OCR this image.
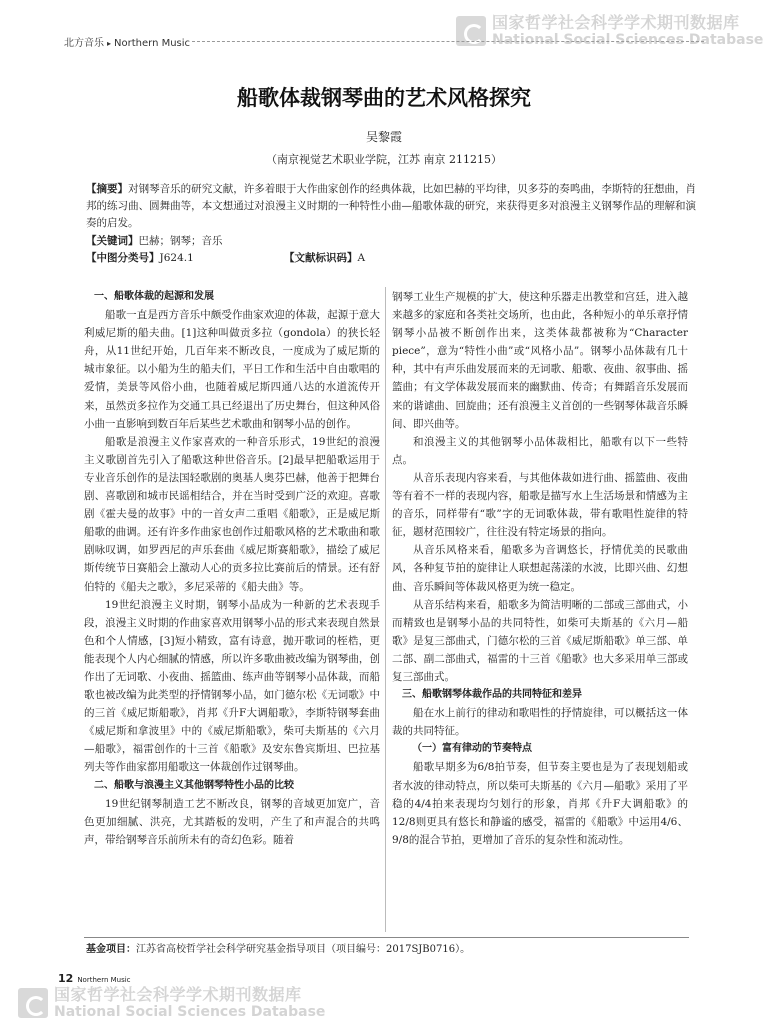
国家哲学社会科学学术期刊数据库
National Social Sciences Database
北方音乐 ▸ Northern Music
船歌体裁钢琴曲的艺术风格探究
吴黎霞
（南京视觉艺术职业学院，江苏 南京 211215）
【摘要】对钢琴音乐的研究文献，许多着眼于大作曲家创作的经典体裁，比如巴赫的平均律，贝多芬的奏鸣曲，李斯特的狂想曲，肖邦的练习曲、圆舞曲等，本文想通过对浪漫主义时期的一种特性小曲—船歌体裁的研究，来获得更多对浪漫主义钢琴作品的理解和演奏的启发。
【关键词】巴赫；钢琴；音乐
【中图分类号】J624.1	【文献标识码】A
一、船歌体裁的起源和发展

船歌一直是西方音乐中颇受作曲家欢迎的体裁，起源于意大利威尼斯的船夫曲。[1]这种叫做贡多拉（gondola）的狭长轻舟，从11世纪开始，几百年来不断改良，一度成为了威尼斯的城市象征。以小船为生的船夫们，平日工作和生活中自由歌唱的爱情，美景等风俗小曲，也随着威尼斯四通八达的水道流传开来，虽然贡多拉作为交通工具已经退出了历史舞台，但这种风俗小曲一直影响到数百年后某些艺术歌曲和钢琴小品的创作。

船歌是浪漫主义作家喜欢的一种音乐形式，19世纪的浪漫主义歌剧首先引入了船歌这种世俗音乐。[2]最早把船歌运用于专业音乐创作的是法国轻歌剧的奥基人奥芬巴赫，他善于把舞台剧、喜歌剧和城市民谣相结合，并在当时受到广泛的欢迎。喜歌剧《霍夫曼的故事》中的一首女声二重唱《船歌》，正是威尼斯船歌的曲调。还有许多作曲家也创作过船歌风格的艺术歌曲和歌剧咏叹调，如罗西尼的声乐套曲《威尼斯赛船歌》，描绘了威尼斯传统节日赛船会上激动人心的贡多拉比赛前后的情景。还有舒伯特的《船夫之歌》，多尼采蒂的《船夫曲》等。

19世纪浪漫主义时期，钢琴小品成为一种新的艺术表现手段，浪漫主义时期的作曲家喜欢用钢琴小品的形式来表现自然景色和个人情感，[3]短小精致，富有诗意，抛开歌词的桎梏，更能表现个人内心细腻的情感，所以许多歌曲被改编为钢琴曲，创作出了无词歌、小夜曲、摇篮曲、练声曲等钢琴小品体裁，而船歌也被改编为此类型的抒情钢琴小品，如门德尔松《无词歌》中的三首《威尼斯船歌》，肖邦《升F大调船歌》，李斯特钢琴套曲《威尼斯和拿波里》中的《威尼斯船歌》，柴可夫斯基的《六月—船歌》，福雷创作的十三首《船歌》及安东鲁宾斯坦、巴拉基列夫等作曲家都用船歌这一体裁创作过钢琴曲。

二、船歌与浪漫主义其他钢琴特性小品的比较

19世纪钢琴制造工艺不断改良，钢琴的音域更加宽广，音色更加细腻、洪亮，尤其踏板的发明，产生了和声混合的共鸣声，带给钢琴音乐前所未有的奇幻色彩。随着

钢琴工业生产规模的扩大，使这种乐器走出教堂和宫廷，进入越来越多的家庭和各类社交场所，也由此，各种短小的单乐章抒情钢琴小品被不断创作出来，这类体裁都被称为“Character piece”，意为“特性小曲”或“风格小品”。钢琴小品体裁有几十种，其中有声乐曲发展而来的无词歌、船歌、夜曲、叙事曲、摇篮曲；有文学体裁发展而来的幽默曲、传奇；有舞蹈音乐发展而来的谐谑曲、回旋曲；还有浪漫主义首创的一些钢琴体裁音乐瞬间、即兴曲等。

和浪漫主义的其他钢琴小品体裁相比，船歌有以下一些特点。

从音乐表现内容来看，与其他体裁如进行曲、摇篮曲、夜曲等有着不一样的表现内容，船歌是描写水上生活场景和情感为主的音乐，同样带有“歌”字的无词歌体裁，带有歌唱性旋律的特征，题材范围较广，往往没有特定场景的指向。

从音乐风格来看，船歌多为音调悠长，抒情优美的民歌曲风，各种复节拍的旋律让人联想起荡漾的水波，比即兴曲、幻想曲、音乐瞬间等体裁风格更为统一稳定。

从音乐结构来看，船歌多为简洁明晰的二部或三部曲式，小而精致也是钢琴小品的共同特性，如柴可夫斯基的《六月—船歌》是复三部曲式，门德尔松的三首《威尼斯船歌》单三部、单二部、副二部曲式，福雷的十三首《船歌》也大多采用单三部或复三部曲式。

三、船歌钢琴体裁作品的共同特征和差异

船在水上前行的律动和歌唱性的抒情旋律，可以概括这一体裁的共同特征。

（一）富有律动的节奏特点

船歌早期多为6/8拍节奏，但节奏主要也是为了表现划船或者水波的律动特点，所以柴可夫斯基的《六月—船歌》采用了平稳的4/4拍来表现均匀划行的形象，肖邦《升F大调船歌》的12/8则更具有悠长和静谧的感受，福雷的《船歌》中运用4/6、9/8的混合节拍，更增加了音乐的复杂性和流动性。

基金项目：江苏省高校哲学社会科学研究基金指导项目（项目编号：2017SJB0716）。
12 Northern Music
国家哲学社会科学学术期刊数据库
National Social Sciences Database
